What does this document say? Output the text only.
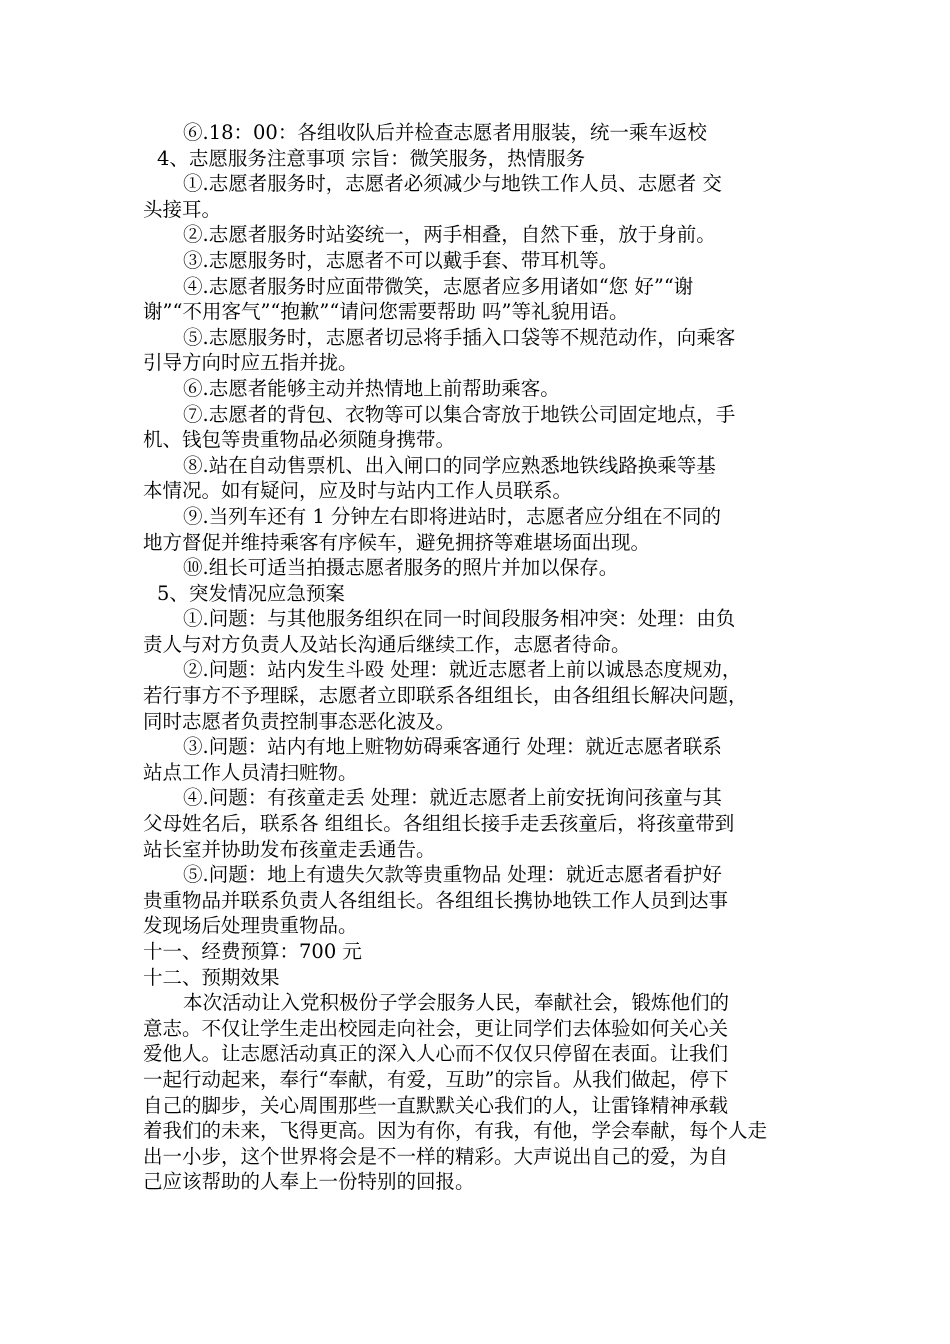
⑥.18：00：各组收队后并检查志愿者用服装，统一乘车返校
4、志愿服务注意事项 宗旨：微笑服务，热情服务
①.志愿者服务时，志愿者必须减少与地铁工作人员、志愿者 交
头接耳。
②.志愿者服务时站姿统一，两手相叠，自然下垂，放于身前。
③.志愿服务时，志愿者不可以戴手套、带耳机等。
④.志愿者服务时应面带微笑，志愿者应多用诸如“您 好”“谢
谢”“不用客气”“抱歉”“请问您需要帮助 吗”等礼貌用语。
⑤.志愿服务时，志愿者切忌将手插入口袋等不规范动作，向乘客
引导方向时应五指并拢。
⑥.志愿者能够主动并热情地上前帮助乘客。
⑦.志愿者的背包、衣物等可以集合寄放于地铁公司固定地点，手
机、钱包等贵重物品必须随身携带。
⑧.站在自动售票机、出入闸口的同学应熟悉地铁线路换乘等基
本情况。如有疑问，应及时与站内工作人员联系。
⑨.当列车还有 1 分钟左右即将进站时，志愿者应分组在不同的
地方督促并维持乘客有序候车，避免拥挤等难堪场面出现。
⑩.组长可适当拍摄志愿者服务的照片并加以保存。
5、突发情况应急预案
①.问题：与其他服务组织在同一时间段服务相冲突：处理：由负
责人与对方负责人及站长沟通后继续工作，志愿者待命。
②.问题：站内发生斗殴 处理：就近志愿者上前以诚恳态度规劝，
若行事方不予理睬，志愿者立即联系各组组长，由各组组长解决问题，
同时志愿者负责控制事态恶化波及。
③.问题：站内有地上赃物妨碍乘客通行 处理：就近志愿者联系
站点工作人员清扫赃物。
④.问题：有孩童走丢 处理：就近志愿者上前安抚询问孩童与其
父母姓名后，联系各 组组长。各组组长接手走丢孩童后，将孩童带到
站长室并协助发布孩童走丢通告。
⑤.问题：地上有遗失欠款等贵重物品 处理：就近志愿者看护好
贵重物品并联系负责人各组组长。各组组长携协地铁工作人员到达事
发现场后处理贵重物品。
十一、经费预算：700 元
十二、预期效果
本次活动让入党积极份子学会服务人民，奉献社会，锻炼他们的
意志。不仅让学生走出校园走向社会，更让同学们去体验如何关心关
爱他人。让志愿活动真正的深入人心而不仅仅只停留在表面。让我们
一起行动起来，奉行“奉献，有爱，互助”的宗旨。从我们做起，停下
自己的脚步，关心周围那些一直默默关心我们的人，让雷锋精神承载
着我们的未来，飞得更高。因为有你，有我，有他，学会奉献，每个人走
出一小步，这个世界将会是不一样的精彩。大声说出自己的爱，为自
己应该帮助的人奉上一份特别的回报。
